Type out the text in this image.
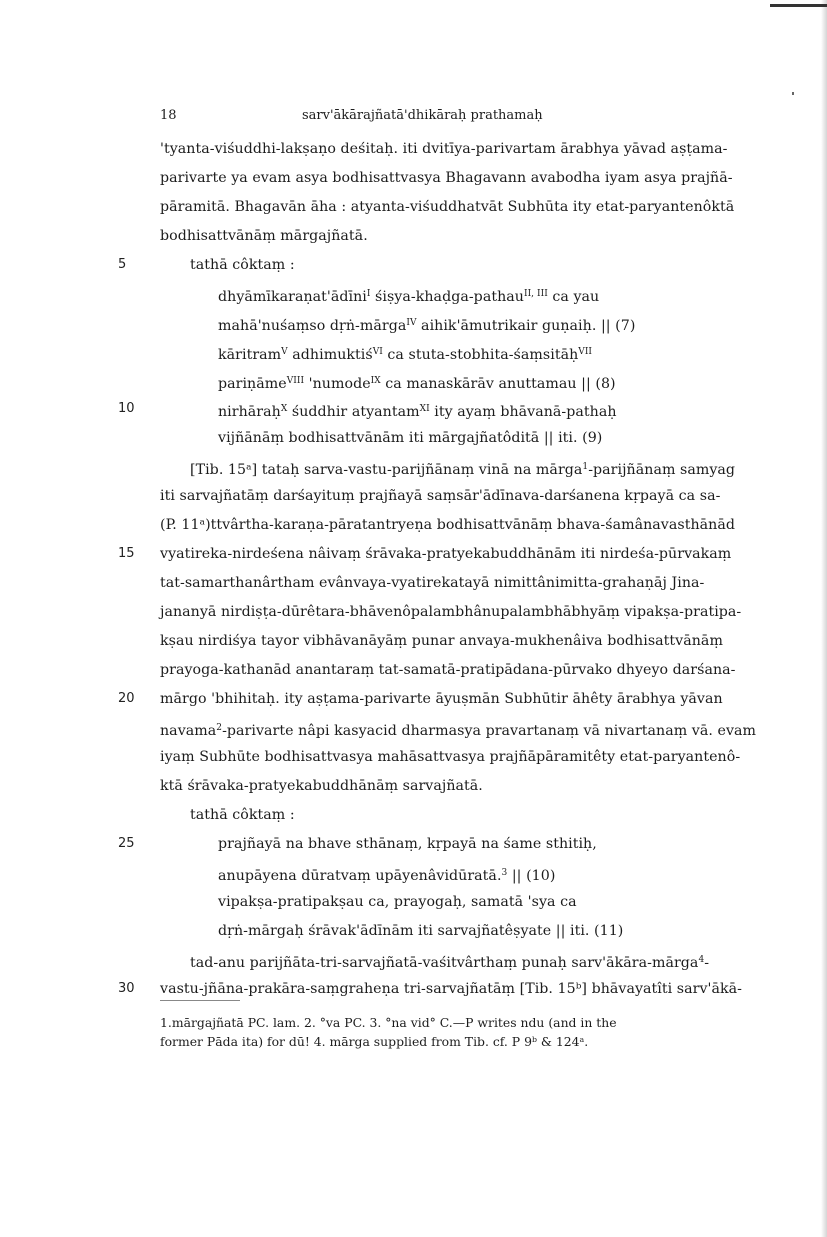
18	sarv'ākārajñatā'dhikāraḥ prathamaḥ
5
10
15
20
25
30
'tyanta-viśuddhi-lakṣaṇo deśitaḥ. iti dvitīya-parivartam ārabhya yāvad aṣṭama-
parivarte ya evam asya bodhisattvasya Bhagavann avabodha iyam asya prajñā-
pāramitā. Bhagavān āha : atyanta-viśuddhatvāt Subhūta ity etat-paryantenôktā
bodhisattvānāṃ mārgajñatā.
tathā côktaṃ :
dhyāmīkaraṇat'ādīni$^I$ śiṣya-khaḍga-pathau$^{II, III}$ ca yau
mahā'nuśaṃso dṛṅ-mārga$^{IV}$ aihik'āmutrikair guṇaiḥ. || (7)
kāritram$^V$ adhimuktiś$^{VI}$ ca stuta-stobhita-śaṃsitāḥ$^{VII}$
pariṇāme$^{VIII}$ 'numode$^{IX}$ ca manaskārāv anuttamau || (8)
nirhāraḥ$^X$ śuddhir atyantam$^{XI}$ ity ayaṃ bhāvanā-pathaḥ
vijñānāṃ bodhisattvānām iti mārgajñatôditā || iti. (9)
[Tib. 15ᵃ] tataḥ sarva-vastu-parijñānaṃ vinā na mārga$^1$-parijñānaṃ samyag
iti sarvajñatāṃ darśayituṃ prajñayā saṃsār'ādīnava-darśanena kṛpayā ca sa-
(P. 11ᵃ)ttvârtha-karaṇa-pāratantryeṇa bodhisattvānāṃ bhava-śamânavasthānād
vyatireka-nirdeśena nâivaṃ śrāvaka-pratyekabuddhānām iti nirdeśa-pūrvakaṃ
tat-samarthanârtham evânvaya-vyatirekatayā nimittânimitta-grahaṇāj Jina-
jananyā nirdiṣṭa-dūrêtara-bhāvenôpalambhânupalambhābhyāṃ vipakṣa-pratipa-
kṣau nirdiśya tayor vibhāvanāyāṃ punar anvaya-mukhenâiva bodhisattvānāṃ
prayoga-kathanād anantaraṃ tat-samatā-pratipādana-pūrvako dhyeyo darśana-
mārgo 'bhihitaḥ. ity aṣṭama-parivarte āyuṣmān Subhūtir āhêty ārabhya yāvan
navama$^2$-parivarte nâpi kasyacid dharmasya pravartanaṃ vā nivartanaṃ vā. evam
iyaṃ Subhūte bodhisattvasya mahāsattvasya prajñāpāramitêty etat-paryantenô-
ktā śrāvaka-pratyekabuddhānāṃ sarvajñatā.
tathā côktaṃ :
prajñayā na bhave sthānaṃ, kṛpayā na śame sthitiḥ,
anupāyena dūratvaṃ upāyenâvidūratā.$^3$ || (10)
vipakṣa-pratipakṣau ca, prayogaḥ, samatā 'sya ca
dṛṅ-mārgaḥ śrāvak'ādīnām iti sarvajñatêṣyate || iti. (11)
tad-anu parijñāta-tri-sarvajñatā-vaśitvârthaṃ punaḥ sarv'ākāra-mārga$^4$-
vastu-jñāna-prakāra-saṃgraheṇa tri-sarvajñatāṃ [Tib. 15ᵇ] bhāvayatîti sarv'ākā-
1.mārgajñatā PC. lam. 2. °va PC. 3. °na vid° C.—P writes ndu (and in the
former Pāda ita) for dū! 4. mārga supplied from Tib. cf. P 9ᵇ & 124ᵃ.
